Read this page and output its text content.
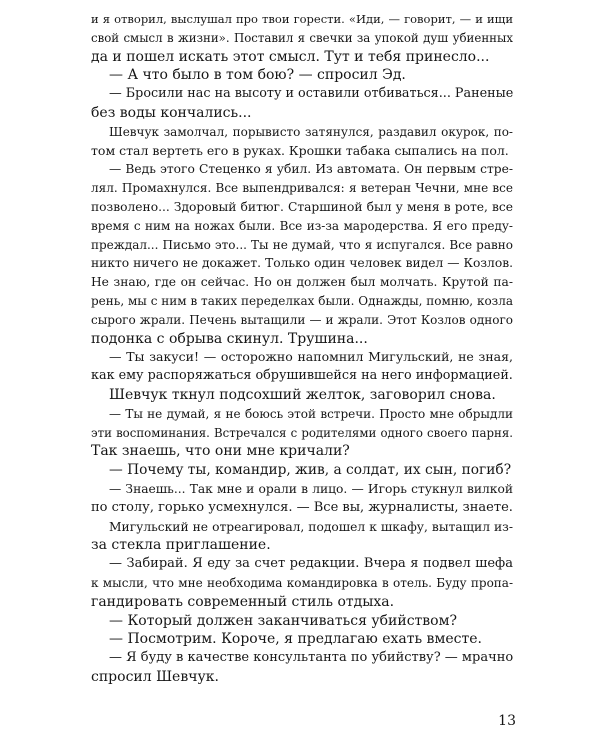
и я отворил, выслушал про твои горести. «Иди, — говорит, — и ищи
свой смысл в жизни». Поставил я свечки за упокой душ убиенных
да и пошел искать этот смысл. Тут и тебя принесло...
— А что было в том бою? — спросил Эд.
— Бросили нас на высоту и оставили отбиваться... Раненые
без воды кончались...
Шевчук замолчал, порывисто затянулся, раздавил окурок, по-
том стал вертеть его в руках. Крошки табака сыпались на пол.
— Ведь этого Стеценко я убил. Из автомата. Он первым стре-
лял. Промахнулся. Все выпендривался: я ветеран Чечни, мне все
позволено... Здоровый битюг. Старшиной был у меня в роте, все
время с ним на ножах были. Все из-за мародерства. Я его преду-
преждал... Письмо это... Ты не думай, что я испугался. Все равно
никто ничего не докажет. Только один человек видел — Козлов.
Не знаю, где он сейчас. Но он должен был молчать. Крутой па-
рень, мы с ним в таких переделках были. Однажды, помню, козла
сырого жрали. Печень вытащили — и жрали. Этот Козлов одного
подонка с обрыва скинул. Трушина...
— Ты закуси! — осторожно напомнил Мигульский, не зная,
как ему распоряжаться обрушившейся на него информацией.
Шевчук ткнул подсохший желток, заговорил снова.
— Ты не думай, я не боюсь этой встречи. Просто мне обрыдли
эти воспоминания. Встречался с родителями одного своего парня.
Так знаешь, что они мне кричали?
— Почему ты, командир, жив, а солдат, их сын, погиб?
— Знаешь... Так мне и орали в лицо. — Игорь стукнул вилкой
по столу, горько усмехнулся. — Все вы, журналисты, знаете.
Мигульский не отреагировал, подошел к шкафу, вытащил из-
за стекла приглашение.
— Забирай. Я еду за счет редакции. Вчера я подвел шефа
к мысли, что мне необходима командировка в отель. Буду пропа-
гандировать современный стиль отдыха.
— Который должен заканчиваться убийством?
— Посмотрим. Короче, я предлагаю ехать вместе.
— Я буду в качестве консультанта по убийству? — мрачно
спросил Шевчук.
13
